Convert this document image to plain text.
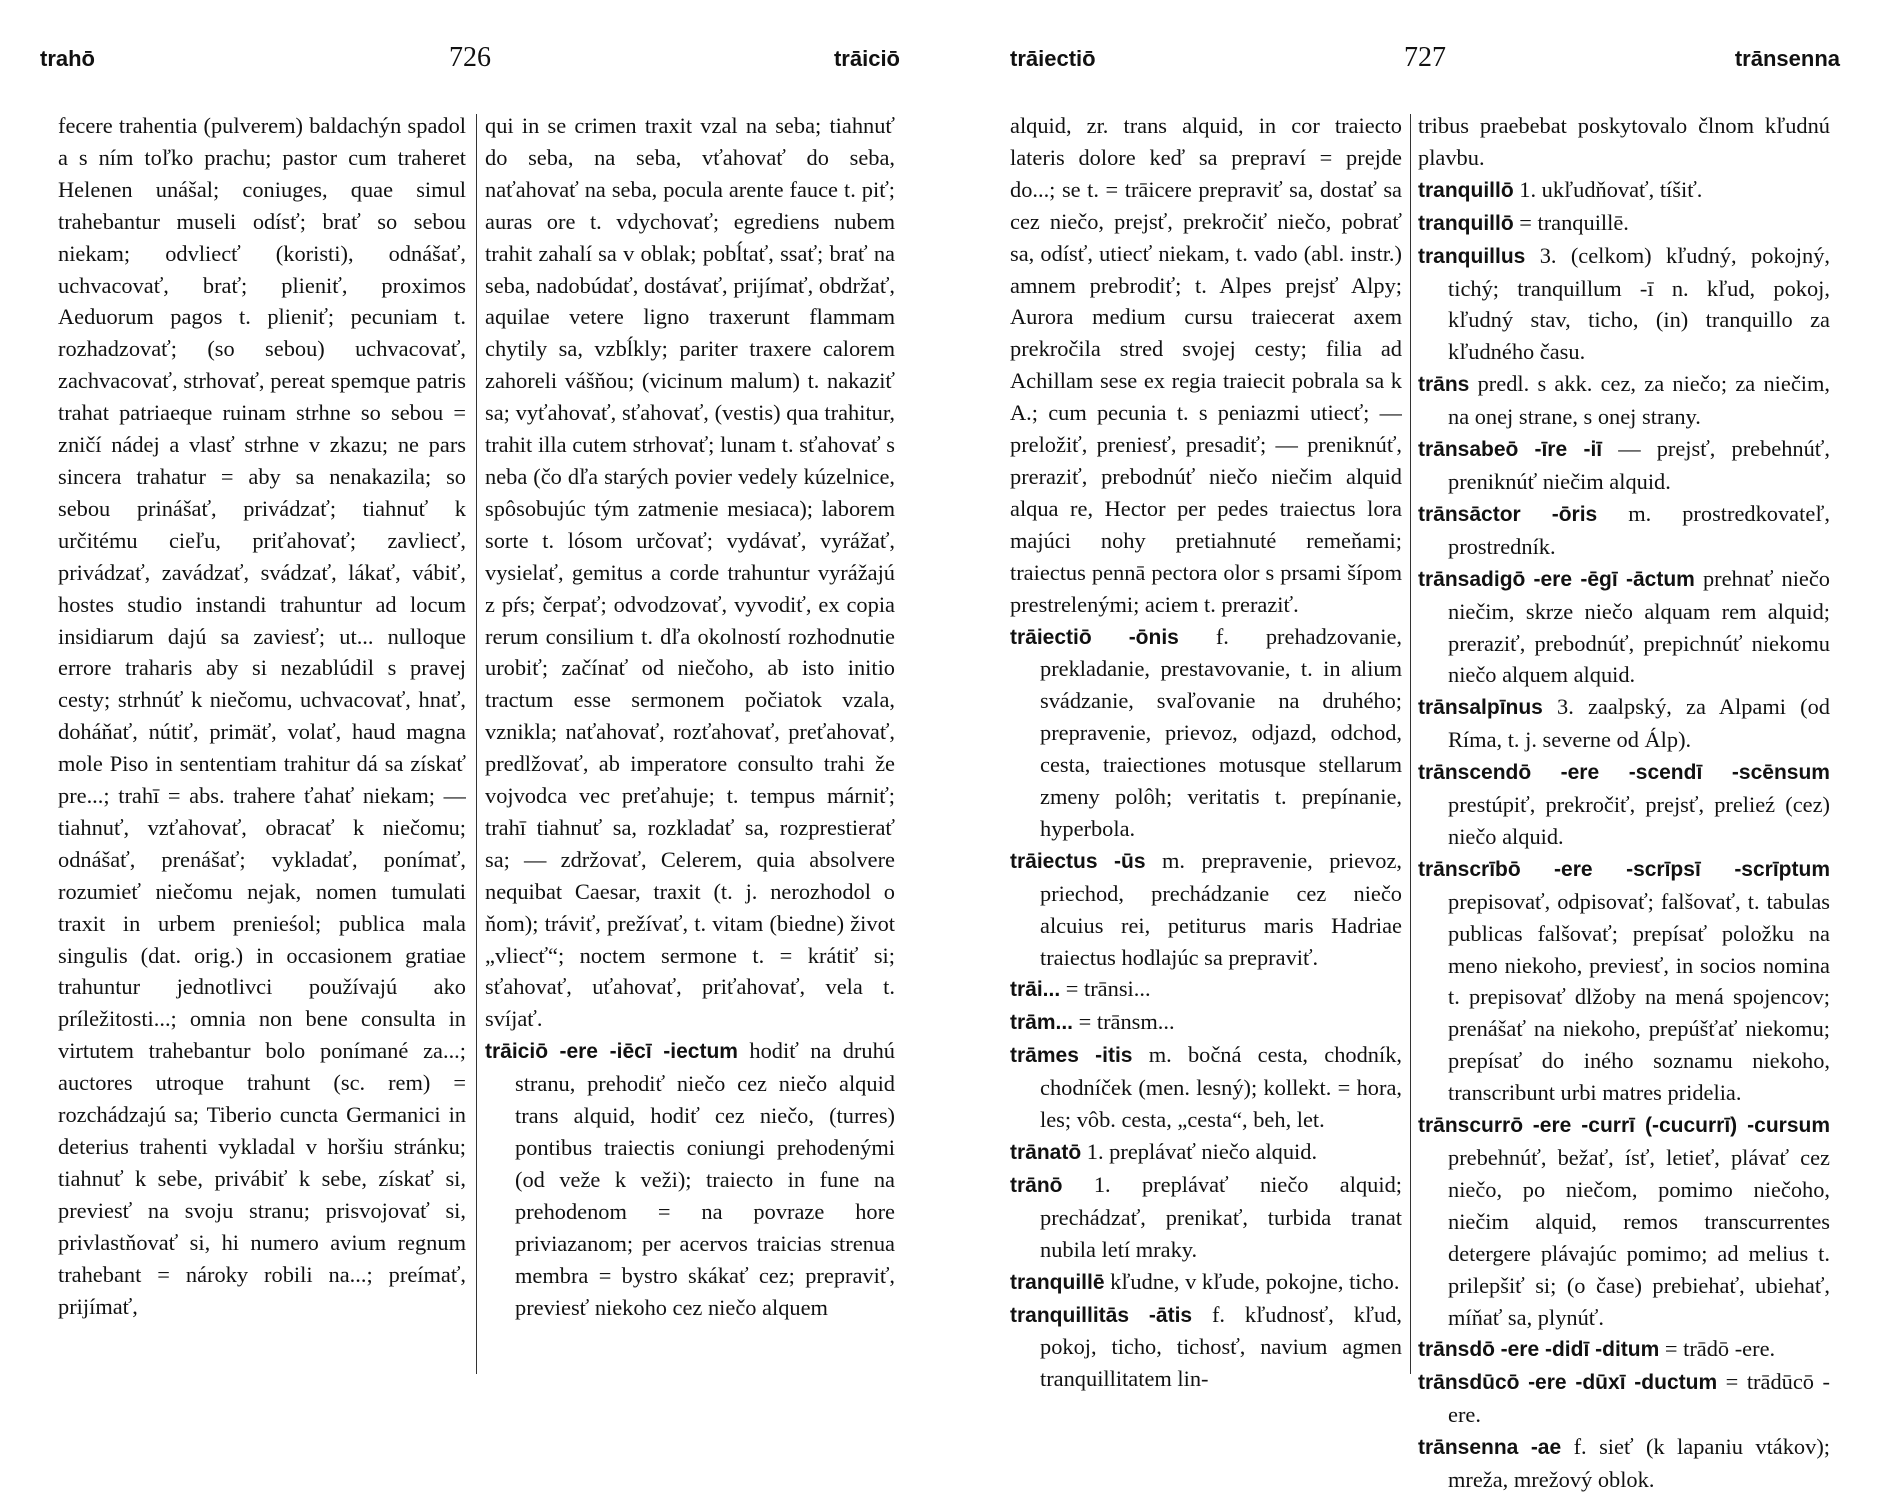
trahō	726	trāiciō

fecere trahentia (pulverem) baldachýn spadol a s ním toľko prachu; pastor cum traheret Helenen unášal; coniuges, quae simul trahebantur museli odísť; brať so sebou niekam; odvliecť (koristi), odnášať, uchvacovať, brať; plieniť, proximos Aeduorum pagos t. plieniť; pecuniam t. rozhadzovať; (so sebou) uchvacovať, zachvacovať, strhovať, pereat spemque patris trahat patriaeque ruinam strhne so sebou = zničí nádej a vlasť strhne v zkazu; ne pars sincera trahatur = aby sa nenakazila; so sebou prinášať, privádzať; tiahnuť k určitému cieľu, priťahovať; zavliecť, privádzať, zavádzať, svádzať, lákať, vábiť, hostes studio instandi trahuntur ad locum insidiarum dajú sa zaviesť; ut... nulloque errore traharis aby si nezablúdil s pravej cesty; strhnúť k niečomu, uchvacovať, hnať, doháňať, nútiť, primäť, volať, haud magna mole Piso in sententiam trahitur dá sa získať pre...; trahī = abs. trahere ťahať niekam; — tiahnuť, vzťahovať, obracať k niečomu; odnášať, prenášať; vykladať, ponímať, rozumieť niečomu nejak, nomen tumulati traxit in urbem prenieśol; publica mala singulis (dat. orig.) in occasionem gratiae trahuntur jednotlivci používajú ako príležitosti...; omnia non bene consulta in virtutem trahebantur bolo ponímané za...; auctores utroque trahunt (sc. rem) = rozchádzajú sa; Tiberio cuncta Germanici in deterius trahenti vykladal v horšiu stránku; tiahnuť k sebe, privábiť k sebe, získať si, previesť na svoju stranu; prisvojovať si, privlastňovať si, hi numero avium regnum trahebant = nároky robili na...; preímať, prijímať,

qui in se crimen traxit vzal na seba; tiahnuť do seba, na seba, vťahovať do seba, naťahovať na seba, pocula arente fauce t. piť; auras ore t. vdychovať; egrediens nubem trahit zahalí sa v oblak; pobĺtať, ssať; brať na seba, nadobúdať, dostávať, prijímať, obdržať, aquilae vetere ligno traxerunt flammam chytily sa, vzbĺkly; pariter traxere calorem zahoreli vášňou; (vicinum malum) t. nakaziť sa; vyťahovať, sťahovať, (vestis) qua trahitur, trahit illa cutem strhovať; lunam t. sťahovať s neba (čo dľa starých povier vedely kúzelnice, spôsobujúc tým zatmenie mesiaca); laborem sorte t. lósom určovať; vydávať, vyrážať, vysielať, gemitus a corde trahuntur vyrážajú z pŕs; čerpať; odvodzovať, vyvodiť, ex copia rerum consilium t. dľa okolností rozhodnutie urobiť; začínať od niečoho, ab isto initio tractum esse sermonem počiatok vzala, vznikla; naťahovať, rozťahovať, preťahovať, predlžovať, ab imperatore consulto trahi že vojvodca vec preťahuje; t. tempus márniť; trahī tiahnuť sa, rozkladať sa, rozprestierať sa; — zdržovať, Celerem, quia absolvere nequibat Caesar, traxit (t. j. nerozhodol o ňom); tráviť, prežívať, t. vitam (biedne) život „vliecť“; noctem sermone t. = krátiť si; sťahovať, uťahovať, priťahovať, vela t. svíjať.

trāiciō -ere -iēcī -iectum hodiť na druhú stranu, prehodiť niečo cez niečo alquid trans alquid, hodiť cez niečo, (turres) pontibus traiectis coniungi prehodenými (od veže k veži); traiecto in fune na prehodenom = na povraze hore priviazanom; per acervos traicias strenua membra = bystro skákať cez; prepraviť, previesť niekoho cez niečo alquem

trāiectiō	727	trānsenna

alquid, zr. trans alquid, in cor traiecto lateris dolore keď sa prepraví = prejde do...; se t. = trāicere prepraviť sa, dostať sa cez niečo, prejsť, prekročiť niečo, pobrať sa, odísť, utiecť niekam, t. vado (abl. instr.) amnem prebrodiť; t. Alpes prejsť Alpy; Aurora medium cursu traiecerat axem prekročila stred svojej cesty; filia ad Achillam sese ex regia traiecit pobrala sa k A.; cum pecunia t. s peniazmi utiecť; — preložiť, preniesť, presadiť; — preniknúť, preraziť, prebodnúť niečo niečim alquid alqua re, Hector per pedes traiectus lora majúci nohy pretiahnuté remeňami; traiectus pennā pectora olor s prsami šípom prestrelenými; aciem t. preraziť.

trāiectiō -ōnis f. prehadzovanie, prekladanie, prestavovanie, t. in alium svádzanie, svaľovanie na druhého; prepravenie, prievoz, odjazd, odchod, cesta, traiectiones motusque stellarum zmeny polôh; veritatis t. prepínanie, hyperbola.

trāiectus -ūs m. prepravenie, prievoz, priechod, prechádzanie cez niečo alcuius rei, petiturus maris Hadriae traiectus hodlajúc sa prepraviť.

trāi... = trānsi...

trām... = trānsm...

trāmes -itis m. bočná cesta, chodník, chodníček (men. lesný); kollekt. = hora, les; vôb. cesta, „cesta“, beh, let.

trānatō 1. preplávať niečo alquid.

trānō 1. preplávať niečo alquid; prechádzať, prenikať, turbida tranat nubila letí mraky.

tranquillē kľudne, v kľude, pokojne, ticho.

tranquillitās -ātis f. kľudnosť, kľud, pokoj, ticho, tichosť, navium agmen tranquillitatem lin-

tribus praebebat poskytovalo člnom kľudnú plavbu.

tranquillō 1. ukľudňovať, tíšiť.

tranquillō = tranquillē.

tranquillus 3. (celkom) kľudný, pokojný, tichý; tranquillum -ī n. kľud, pokoj, kľudný stav, ticho, (in) tranquillo za kľudného času.

trāns predl. s akk. cez, za niečo; za niečim, na onej strane, s onej strany.

trānsabeō -īre -iī — prejsť, prebehnúť, preniknúť niečim alquid.

trānsāctor -ōris m. prostredkovateľ, prostredník.

trānsadigō -ere -ēgī -āctum prehnať niečo niečim, skrze niečo alquam rem alquid; preraziť, prebodnúť, prepichnúť niekomu niečo alquem alquid.

trānsalpīnus 3. zaalpský, za Alpami (od Ríma, t. j. severne od Álp).

trānscendō -ere -scendī -scēnsum prestúpiť, prekročiť, prejsť, prelieź (cez) niečo alquid.

trānscrībō -ere -scrīpsī -scrīptum prepisovať, odpisovať; falšovať, t. tabulas publicas falšovať; prepísať položku na meno niekoho, previesť, in socios nomina t. prepisovať dlžoby na mená spojencov; prenášať na niekoho, prepúšťať niekomu; prepísať do iného soznamu niekoho, transcribunt urbi matres pridelia.

trānscurrō -ere -currī (-cucurrī) -cursum prebehnúť, bežať, ísť, letieť, plávať cez niečo, po niečom, pomimo niečoho, niečim alquid, remos transcurrentes detergere plávajúc pomimo; ad melius t. prilepšiť si; (o čase) prebiehať, ubiehať, míňať sa, plynúť.

trānsdō -ere -didī -ditum = trādō -ere.

trānsdūcō -ere -dūxī -ductum = trādūcō -ere.

trānsenna -ae f. sieť (k lapaniu vtákov); mreža, mrežový oblok.
